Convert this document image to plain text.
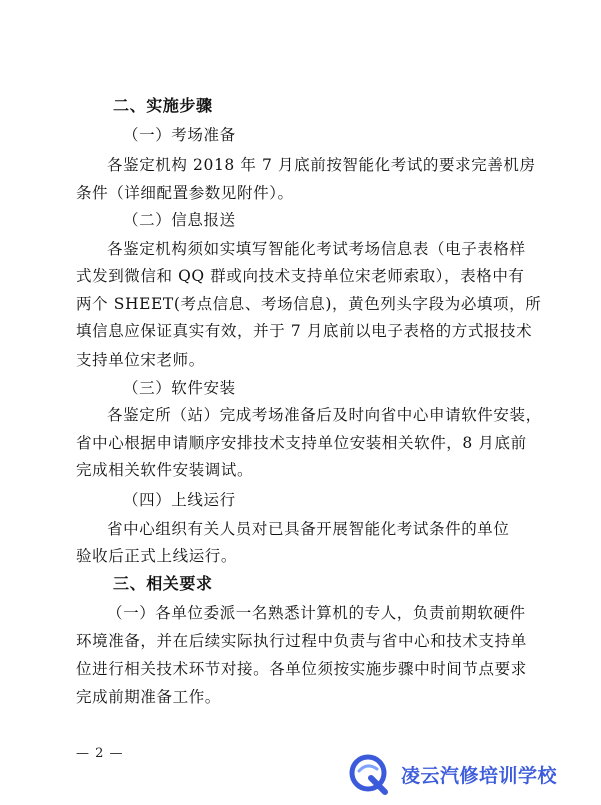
二、实施步骤
（一）考场准备
各鉴定机构 2018 年 7 月底前按智能化考试的要求完善机房
条件（详细配置参数见附件）。
（二）信息报送
各鉴定机构须如实填写智能化考试考场信息表（电子表格样
式发到微信和 QQ 群或向技术支持单位宋老师索取），表格中有
两个 SHEET(考点信息、考场信息)，黄色列头字段为必填项，所
填信息应保证真实有效，并于 7 月底前以电子表格的方式报技术
支持单位宋老师。
（三）软件安装
各鉴定所（站）完成考场准备后及时向省中心申请软件安装，
省中心根据申请顺序安排技术支持单位安装相关软件，8 月底前
完成相关软件安装调试。
（四）上线运行
省中心组织有关人员对已具备开展智能化考试条件的单位
验收后正式上线运行。
三、相关要求
（一）各单位委派一名熟悉计算机的专人，负责前期软硬件
环境准备，并在后续实际执行过程中负责与省中心和技术支持单
位进行相关技术环节对接。各单位须按实施步骤中时间节点要求
完成前期准备工作。
— 2 —
凌云汽修培训学校
